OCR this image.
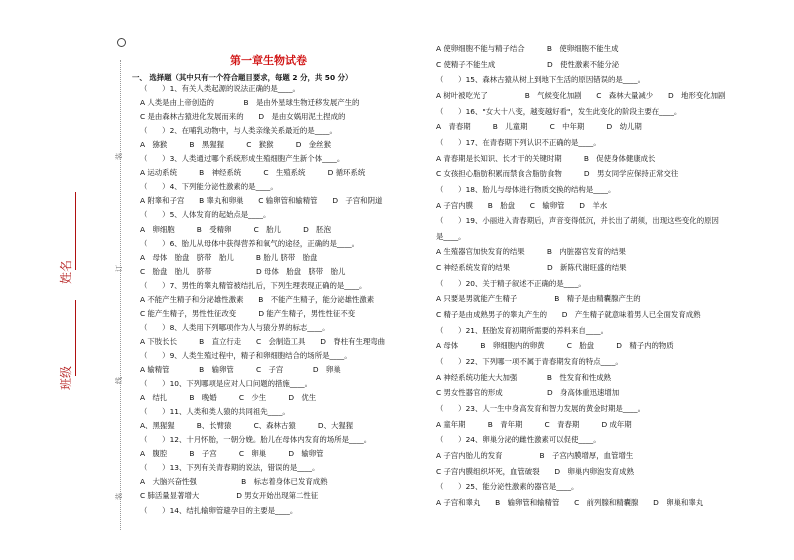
装
订
线
装
姓名
班级
第一章生物试卷
一、 选择题（其中只有一个符合题目要求，每题 2 分，共 50 分）
（　　）1、有关人类起源的说法正确的是____。
A 人类是由上帝创造的　　　　B　是由外星球生物迁移发展产生的
C 是由森林古猿进化发展而来的　　D　是由女娲用泥土捏成的
（　　）2、在哺乳动物中，与人类亲缘关系最近的是____。
A　猕猴　　　B　黑猩猩　　　C　猴猴　　　D　金丝猴
（　　）3、人类通过哪个系统形成生殖细胞产生新个体____。
A 运动系统　　　B　神经系统　　　C　生殖系统　　　D 循环系统
（　　）4、下列能分泌性激素的是____。
A 附睾和子宫　　B 睾丸和卵巢　　C 输卵管和输精管　　D　子宫和阴道
（　　）5、人体发育的起始点是____。
A　卵细胞　　　B　受精卵　　　C　胎儿　　　D　胚泡
（　　）6、胎儿从母体中获得营养和氧气的途径，正确的是____。
A　母体　胎盘　脐带　胎儿　　　B 胎儿 脐带　胎盘
C　胎盘　胎儿　脐带　　　　　　D 母体　胎盘　脐带　胎儿
（　　）7、男性的睾丸精管被结扎后，下列生理表现正确的是____。
A 不能产生精子和分泌雄性激素　　B　不能产生精子，能分泌雄性激素
C 能产生精子，男性性征改变　　　D 能产生精子，男性性征不变
（　　）8、人类用下列哪项作为人与猿分界的标志____。
A 下肢长长　　　B　直立行走　　C　会制造工具　　D　脊柱有生理弯曲
（　　）9、人类生殖过程中，精子和卵细胞结合的场所是____。
A 输精管　　　　B　输卵管　　　C　子宫　　　　D　卵巢
（　　）10、下列哪项是应对人口问题的措施____。
A　结扎　　　B　晚婚　　　C　少生　　　D　优生
（　　）11、人类和类人猿的共同祖先____。
A、黑猩猩　　　B、长臂猿　　　C、森林古猿　　　D、大猩猩
（　　）12、十月怀胎，一朝分娩。胎儿在母体内发育的场所是____。
A　腹腔　　　B　子宫　　　C　卵巢　　　D　输卵管
（　　）13、下列有关青春期的说法，错误的是____。
A　大脑兴奋性强　　　　　　B　标志着身体已发育成熟
C 肺活量显著增大　　　　　D 男女开始出现第二性征
（　　）14、结扎输卵管避孕目的主要是____。
A 使卵细胞不能与精子结合　　　B　使卵细胞不能生成
C 使精子不能生成　　　　　　　D　使性激素不能分泌
（　　）15、森林古猿从树上到地下生活的原因错误的是____。
A 树叶被吃光了　　　　　B　气候变化加剧　　C　森林大量减少　　D　地形变化加剧
（　　）16、"女大十八变，越变越好看"，发生此变化的阶段主要在____。
A　青春期　　　B　儿童期　　　C　中年期　　　D　幼儿期
（　　）17、在青春期下列认识不正确的是____。
A 青春期是长知识、长才干的关键时期　　　B　促使身体健康成长
C 女孩担心脂肪积累而禁食含脂肪食物　　　D　男女同学应保持正常交往
（　　）18、胎儿与母体进行物质交换的结构是____。
A 子宫内膜　　B　胎盘　　C　输卵管　　D　羊水
（　　）19、小丽进入青春期后，声音变得低沉，并长出了胡须，出现这些变化的原因
是____。
A 生殖器官加快发育的结果　　　B　内脏器官发育的结果
C 神经系统发育的结果　　　　　D　新陈代谢旺盛的结果
（　　）20、关于精子叙述不正确的是____。
A 只要是男就能产生精子　　　　　B　精子是由精囊腺产生的
C 精子是由成熟男子的睾丸产生的　　D　产生精子就意味着男人已全面发育成熟
（　　）21、胚胎发育初期所需要的养料来自____。
A 母体　　　B　卵细胞内的卵黄　　　C　胎盘　　　D　精子内的物质
（　　）22、下列哪一项不属于青春期发育的特点____。
A 神经系统功能大大加强　　　　B　性发育和性成熟
C 男女性器官的形成　　　　　　D　身高体重迅速增加
（　　）23、人一生中身高发育和智力发展的黄金时期是____。
A 童年期　　　B　青年期　　　C　青春期　　　D 成年期
（　　）24、卵巢分泌的雌性激素可以促使____。
A 子宫内胎儿的发育　　　　　B　子宫内膜增厚，血管增生
C 子宫内膜组织坏死，血管破裂　　D　卵巢内卵泡发育成熟
（　　）25、能分泌性激素的器官是____。
A 子宫和睾丸　　B　输卵管和输精管　　C　前列腺和精囊腺　　D　卵巢和睾丸
